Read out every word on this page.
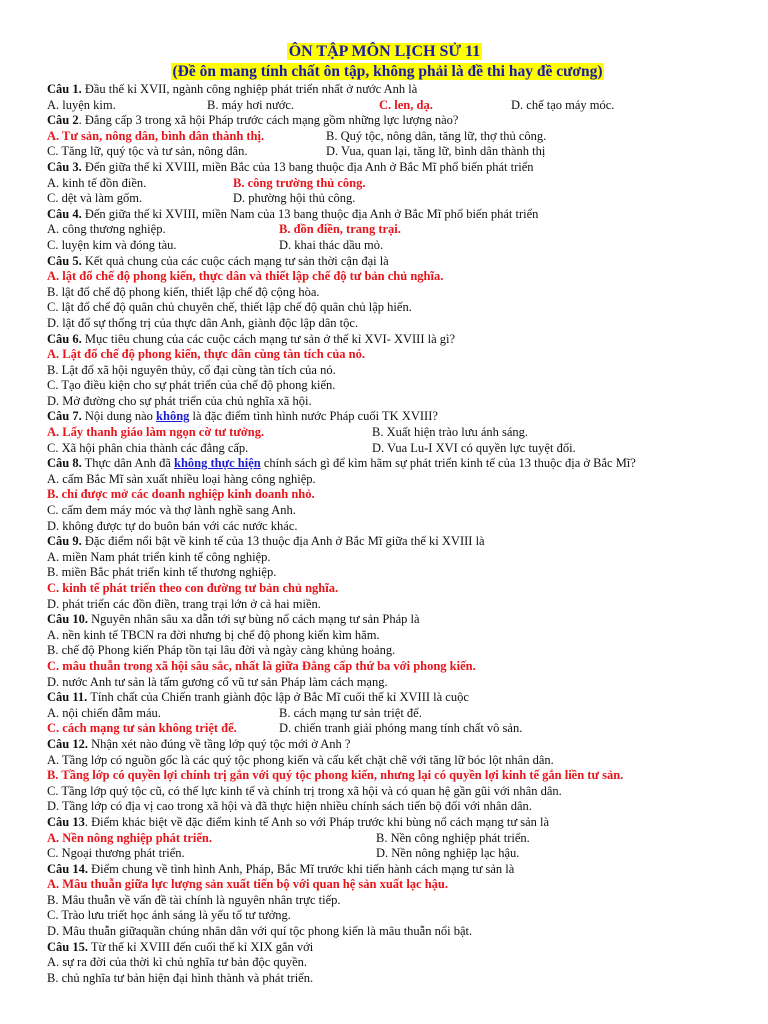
ÔN TẬP MÔN LỊCH SỬ 11
(Đề ôn mang tính chất ôn tập, không phải là đề thi hay đề cương)
Câu 1. Đầu thế kỉ XVII, ngành công nghiệp phát triển nhất ở nước Anh là
A. luyện kim.	B. máy hơi nước.	C. len, dạ.	D. chế tạo máy móc.
Câu 2. Đẳng cấp 3 trong xã hội Pháp trước cách mạng gồm những lực lượng nào?
A. Tư sản, nông dân, bình dân thành thị.	B. Quý tộc, nông dân, tăng lữ, thợ thủ công.
C. Tăng lữ, quý tộc và tư sản, nông dân.	D. Vua, quan lại, tăng lữ, bình dân thành thị
Câu 3. Đến giữa thế kỉ XVIII, miền Bắc của 13 bang thuộc địa Anh ở Bắc Mĩ phổ biến phát triển
A. kinh tế đồn điền.	B. công trường thủ công.
C. dệt và làm gốm.	D. phường hội thủ công.
Câu 4. Đến giữa thế kỉ XVIII, miền Nam của 13 bang thuộc địa Anh ở Bắc Mĩ phổ biến phát triển
A. công thương nghiệp.	B. đồn điền, trang trại.
C. luyện kim và đóng tàu.	D. khai thác dầu mỏ.
Câu 5. Kết quả chung của các cuộc cách mạng tư sản thời cận đại là
A. lật đổ chế độ phong kiến, thực dân và thiết lập chế độ tư bản chủ nghĩa.
B. lật đổ chế độ phong kiến, thiết lập chế độ cộng hòa.
C. lật đổ chế độ quân chủ chuyên chế, thiết lập chế độ quân chủ lập hiến.
D. lật đổ sự thống trị của thực dân Anh, giành độc lập dân tộc.
Câu 6. Mục tiêu chung của các cuộc cách mạng tư sản ở thế kỉ XVI- XVIII là gì?
A. Lật đổ chế độ phong kiến, thực dân cùng tàn tích của nó.
B. Lật đổ xã hội nguyên thủy, cổ đại cùng tàn tích của nó.
C. Tạo điều kiện cho sự phát triển của chế độ phong kiến.
D. Mở đường cho sự phát triển của chủ nghĩa xã hội.
Câu 7. Nội dung nào không là đặc điểm tình hình nước Pháp cuối TK XVIII?
A. Lấy thanh giáo làm ngọn cờ tư tưởng.	B. Xuất hiện trào lưu ánh sáng.
C. Xã hội phân chia thành các đẳng cấp.	D. Vua Lu-I XVI có quyền lực tuyệt đối.
Câu 8. Thực dân Anh đã không thực hiện chính sách gì để kìm hãm sự phát triển kinh tế của 13 thuộc địa ở Bắc Mĩ?
A. cấm Bắc Mĩ sản xuất nhiều loại hàng công nghiệp.
B. chỉ được mở các doanh nghiệp kinh doanh nhỏ.
C. cấm đem máy móc và thợ lành nghề sang Anh.
D. không được tự do buôn bán với các nước khác.
Câu 9. Đặc điểm nổi bật về kinh tế của 13 thuộc địa Anh ở Bắc Mĩ giữa thế kỉ XVIII là
A. miền Nam phát triển kinh tế công nghiệp.
B. miền Bắc phát triển kinh tế thương nghiệp.
C. kinh tế phát triển theo con đường tư bản chủ nghĩa.
D. phát triển các đồn điền, trang trại lớn ở cả hai miền.
Câu 10. Nguyên nhân sâu xa dẫn tới sự bùng nổ cách mạng tư sản Pháp là
A. nền kinh tế TBCN ra đời nhưng bị chế độ phong kiến kìm hãm.
B. chế độ Phong kiến Pháp tồn tại lâu đời và ngày càng khủng hoảng.
C. mâu thuẫn trong xã hội sâu sắc, nhất là giữa Đẳng cấp thứ ba với phong kiến.
D. nước Anh tư sản là tấm gương cổ vũ tư sản Pháp làm cách mạng.
Câu 11. Tính chất của Chiến tranh giành độc lập ở Bắc Mĩ cuối thế kỉ XVIII là cuộc
A. nội chiến đẫm máu.	B. cách mạng tư sản triệt để.
C. cách mạng tư sản không triệt để.	D. chiến tranh giải phóng mang tính chất vô sản.
Câu 12. Nhận xét nào đúng về tầng lớp quý tộc mới ở Anh ?
A. Tầng lớp có nguồn gốc là các quý tộc phong kiến và cấu kết chặt chẽ với tăng lữ bóc lột nhân dân.
B. Tầng lớp có quyền lợi chính trị gắn với quý tộc phong kiến, nhưng lại có quyền lợi kinh tế gắn liền tư sản.
C. Tầng lớp quý tộc cũ, có thế lực kinh tế và chính trị trong xã hội và có quan hệ gần gũi với nhân dân.
D. Tầng lớp có địa vị cao trong xã hội và đã thực hiện nhiều chính sách tiến bộ đối với nhân dân.
Câu 13. Điểm khác biệt về đặc điểm kinh tế Anh so với Pháp trước khi bùng nổ cách mạng tư sản là
A. Nền nông nghiệp phát triển.	B. Nền công nghiệp phát triển.
C. Ngoại thương phát triển.	D. Nền nông nghiệp lạc hậu.
Câu 14. Điểm chung về tình hình Anh, Pháp, Bắc Mĩ trước khi tiến hành cách mạng tư sản là
A. Mâu thuẫn giữa lực lượng sản xuất tiến bộ với quan hệ sản xuất lạc hậu.
B. Mâu thuẫn về vấn đề tài chính là nguyên nhân trực tiếp.
C. Trào lưu triết học ánh sáng là yếu tố tư tưởng.
D. Mâu thuẫn giữaquần chúng nhân dân với quí tộc phong kiến là mâu thuẫn nổi bật.
Câu 15. Từ thế kỉ XVIII đến cuối thế kỉ XIX gắn với
A. sự ra đời của thời kì chủ nghĩa tư bản độc quyền.
B. chủ nghĩa tư bản hiện đại hình thành và phát triển.
